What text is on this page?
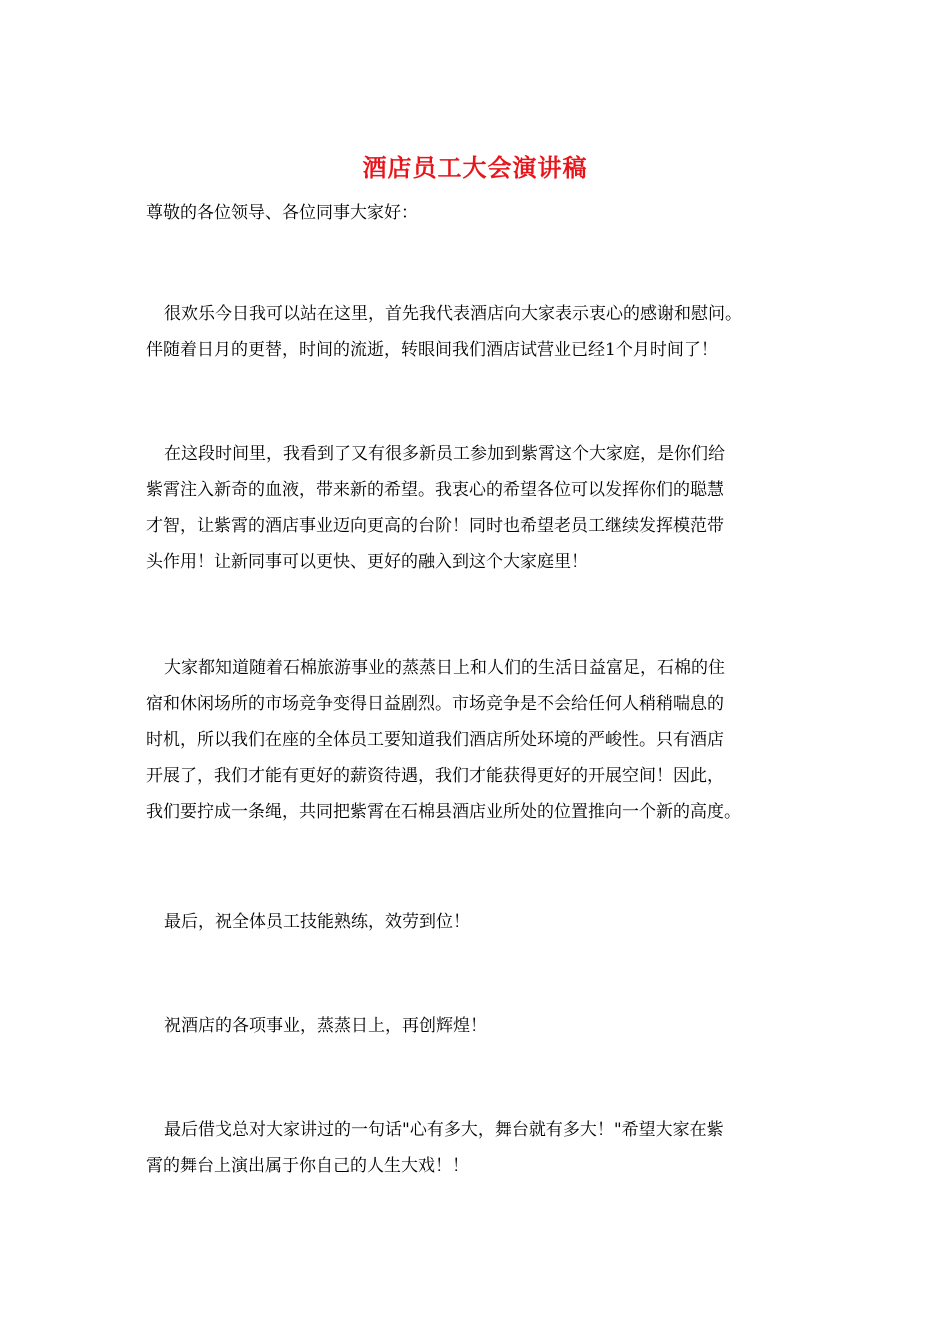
酒店员工大会演讲稿
尊敬的各位领导、各位同事大家好：
很欢乐今日我可以站在这里，首先我代表酒店向大家表示衷心的感谢和慰问。
伴随着日月的更替，时间的流逝，转眼间我们酒店试营业已经1个月时间了！
在这段时间里，我看到了又有很多新员工参加到紫霄这个大家庭，是你们给
紫霄注入新奇的血液，带来新的希望。我衷心的希望各位可以发挥你们的聪慧
才智，让紫霄的酒店事业迈向更高的台阶！同时也希望老员工继续发挥模范带
头作用！让新同事可以更快、更好的融入到这个大家庭里！
大家都知道随着石棉旅游事业的蒸蒸日上和人们的生活日益富足，石棉的住
宿和休闲场所的市场竞争变得日益剧烈。市场竞争是不会给任何人稍稍喘息的
时机，所以我们在座的全体员工要知道我们酒店所处环境的严峻性。只有酒店
开展了，我们才能有更好的薪资待遇，我们才能获得更好的开展空间！因此，
我们要拧成一条绳，共同把紫霄在石棉县酒店业所处的位置推向一个新的高度。
最后，祝全体员工技能熟练，效劳到位！
祝酒店的各项事业，蒸蒸日上，再创辉煌！
最后借戈总对大家讲过的一句话"心有多大，舞台就有多大！"希望大家在紫
霄的舞台上演出属于你自己的人生大戏！！
